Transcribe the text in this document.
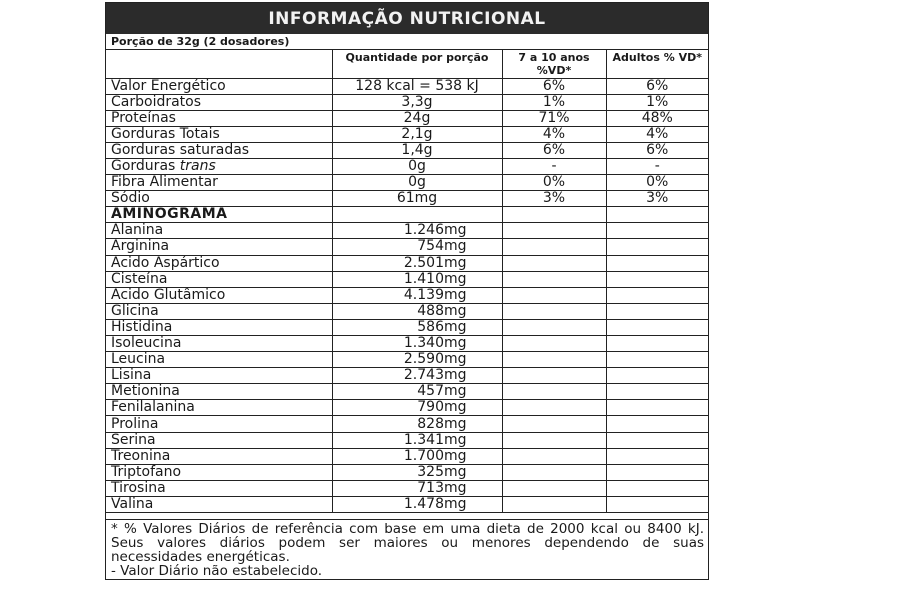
INFORMAÇÃO NUTRICIONAL
Porção de 32g (2 dosadores)
	Quantidade por porção	7 a 10 anos %VD*	Adultos % VD*
Valor Energético	128 kcal = 538 kJ	6%	6%
Carboidratos	3,3g	1%	1%
Proteínas	24g	71%	48%
Gorduras Totais	2,1g	4%	4%
Gorduras saturadas	1,4g	6%	6%
Gorduras trans	0g	-	-
Fibra Alimentar	0g	0%	0%
Sódio	61mg	3%	3%
AMINOGRAMA			
Alanina	1.246mg		
Arginina	754mg		
Ácido Aspártico	2.501mg		
Cisteína	1.410mg		
Ácido Glutâmico	4.139mg		
Glicina	488mg		
Histidina	586mg		
Isoleucina	1.340mg		
Leucina	2.590mg		
Lisina	2.743mg		
Metionina	457mg		
Fenilalanina	790mg		
Prolina	828mg		
Serina	1.341mg		
Treonina	1.700mg		
Triptofano	325mg		
Tirosina	713mg		
Valina	1.478mg		
* % Valores Diários de referência com base em uma dieta de 2000 kcal ou 8400 kJ. Seus valores diários podem ser maiores ou menores dependendo de suas necessidades energéticas.
- Valor Diário não estabelecido.
